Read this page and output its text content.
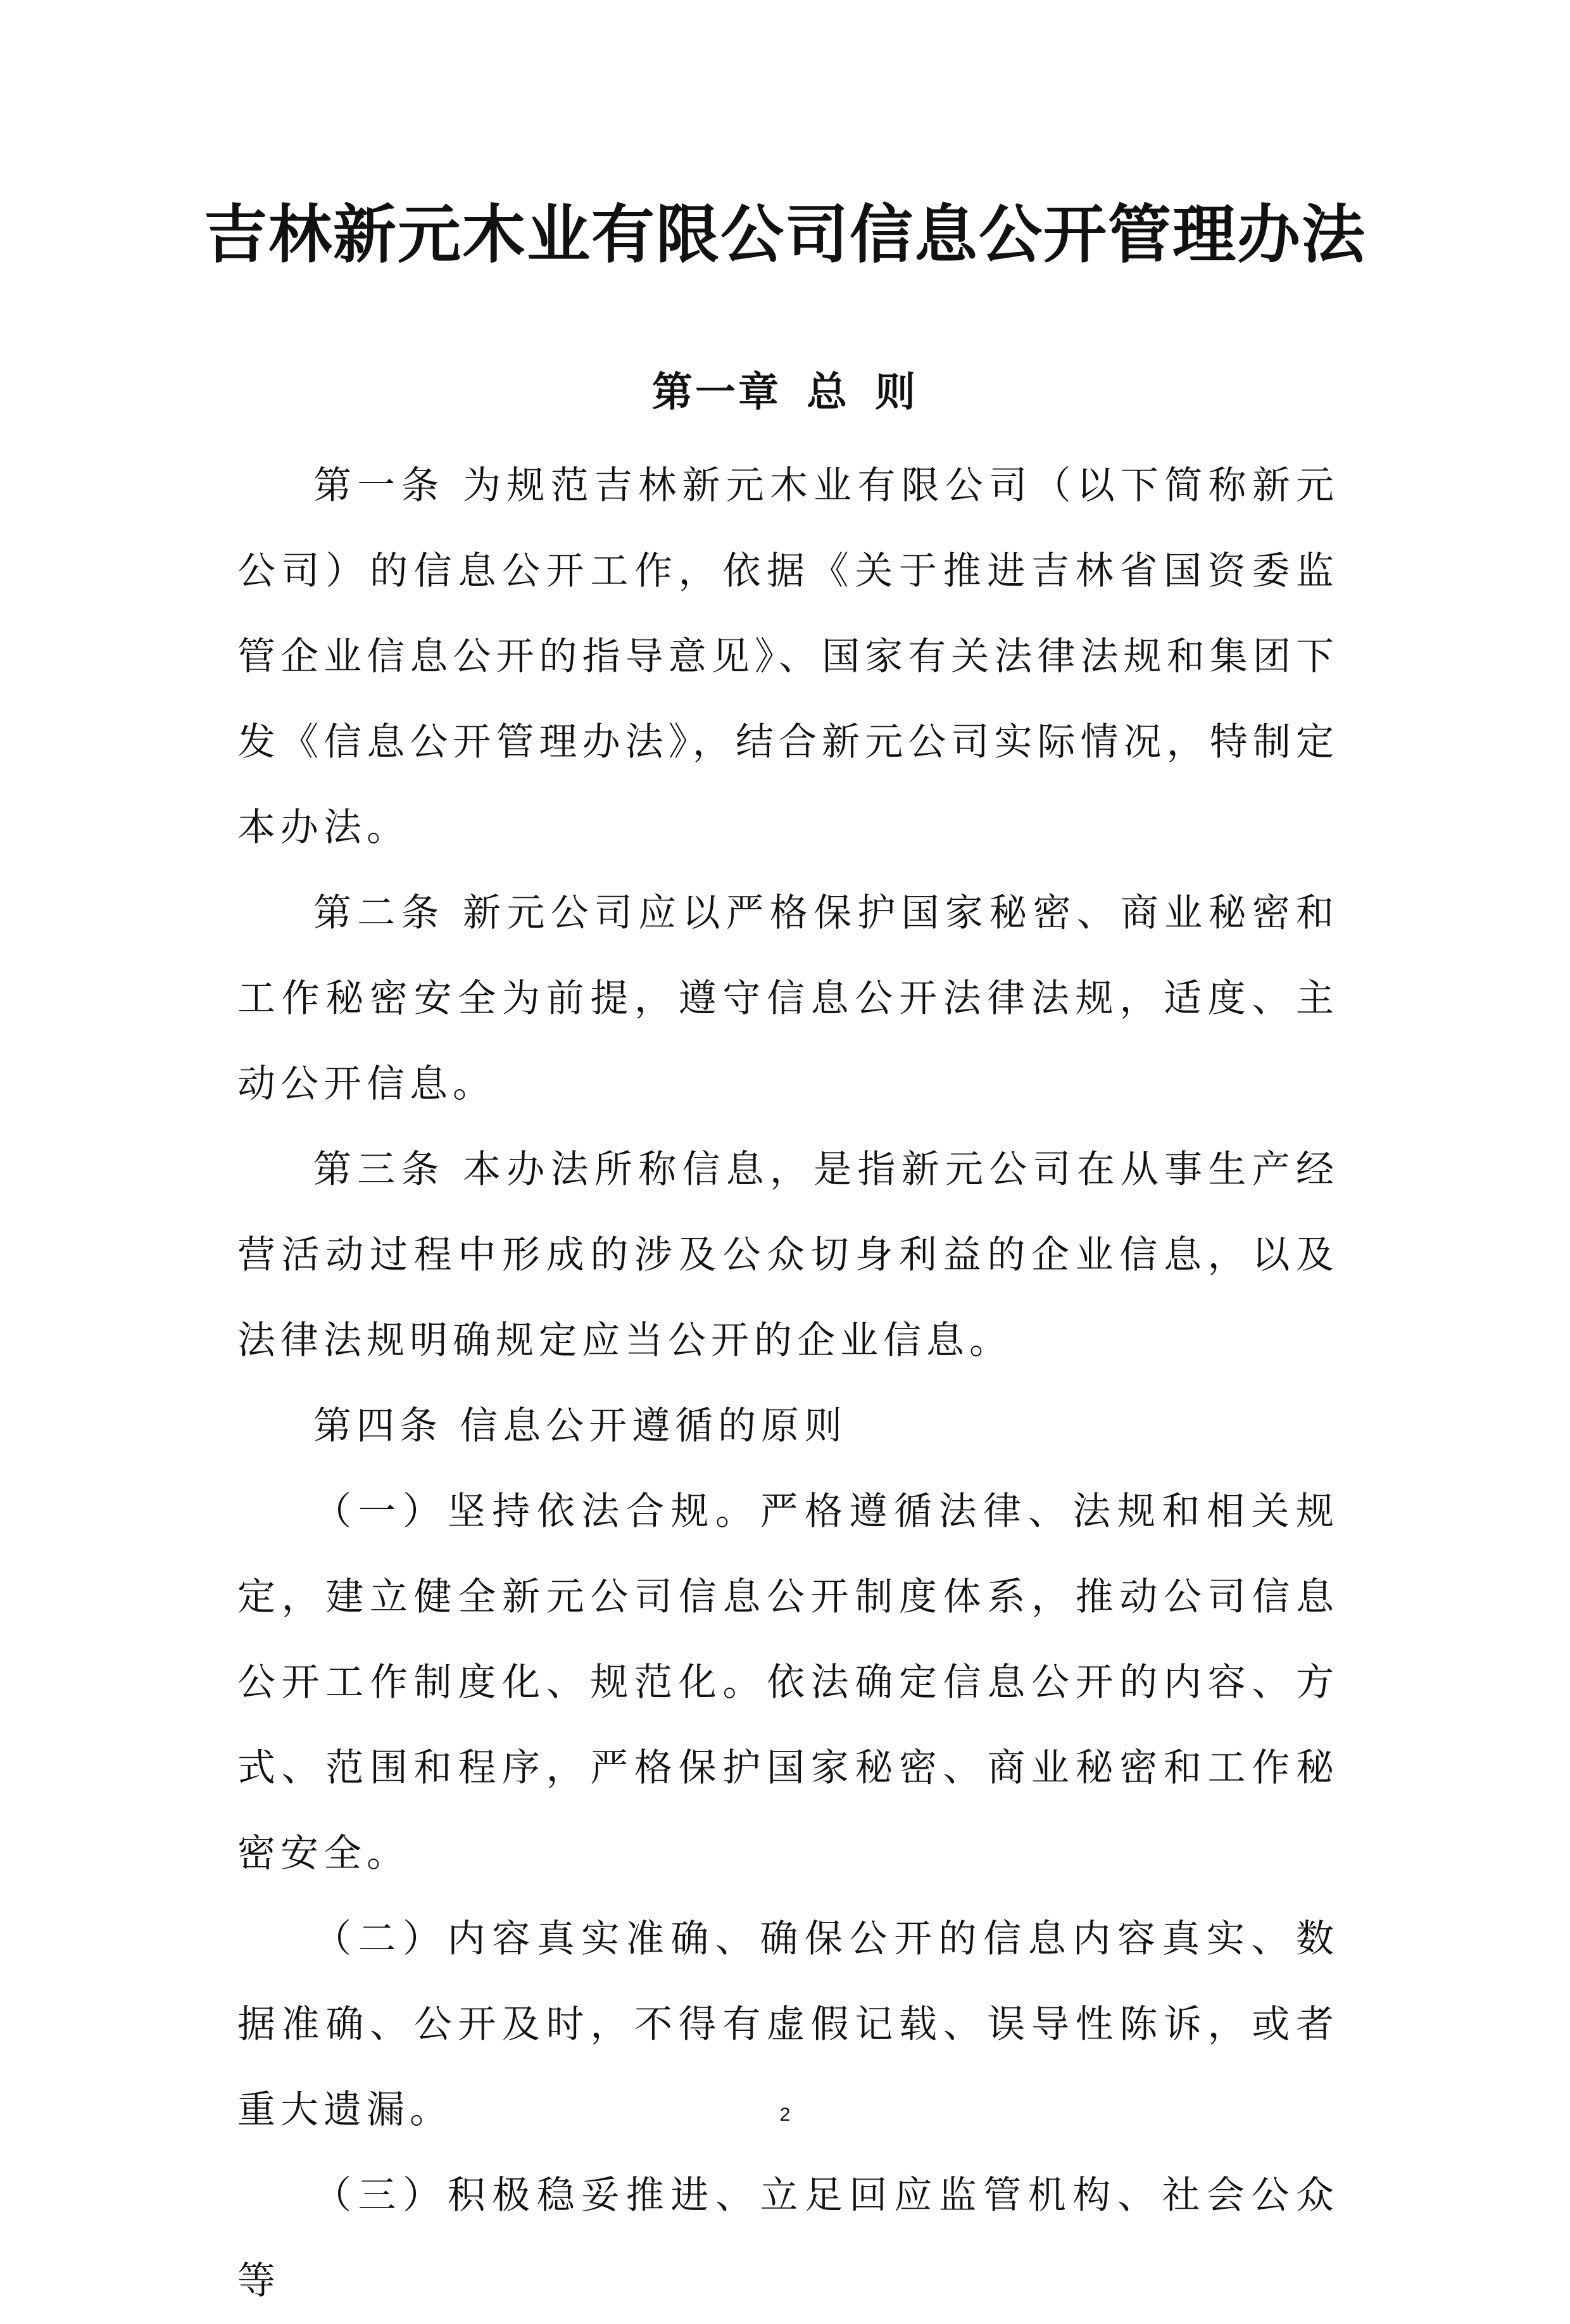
吉林新元木业有限公司信息公开管理办法
第一章 总 则

第一条 为规范吉林新元木业有限公司（以下简称新元公司）的信息公开工作，依据《关于推进吉林省国资委监管企业信息公开的指导意见》、国家有关法律法规和集团下发《信息公开管理办法》，结合新元公司实际情况，特制定本办法。

第二条 新元公司应以严格保护国家秘密、商业秘密和工作秘密安全为前提，遵守信息公开法律法规，适度、主动公开信息。

第三条 本办法所称信息，是指新元公司在从事生产经营活动过程中形成的涉及公众切身利益的企业信息，以及法律法规明确规定应当公开的企业信息。

第四条 信息公开遵循的原则

（一）坚持依法合规。严格遵循法律、法规和相关规定，建立健全新元公司信息公开制度体系，推动公司信息公开工作制度化、规范化。依法确定信息公开的内容、方式、范围和程序，严格保护国家秘密、商业秘密和工作秘密安全。

（二）内容真实准确、确保公开的信息内容真实、数据准确、公开及时，不得有虚假记载、误导性陈诉，或者重大遗漏。

（三）积极稳妥推进、立足回应监管机构、社会公众等

2
